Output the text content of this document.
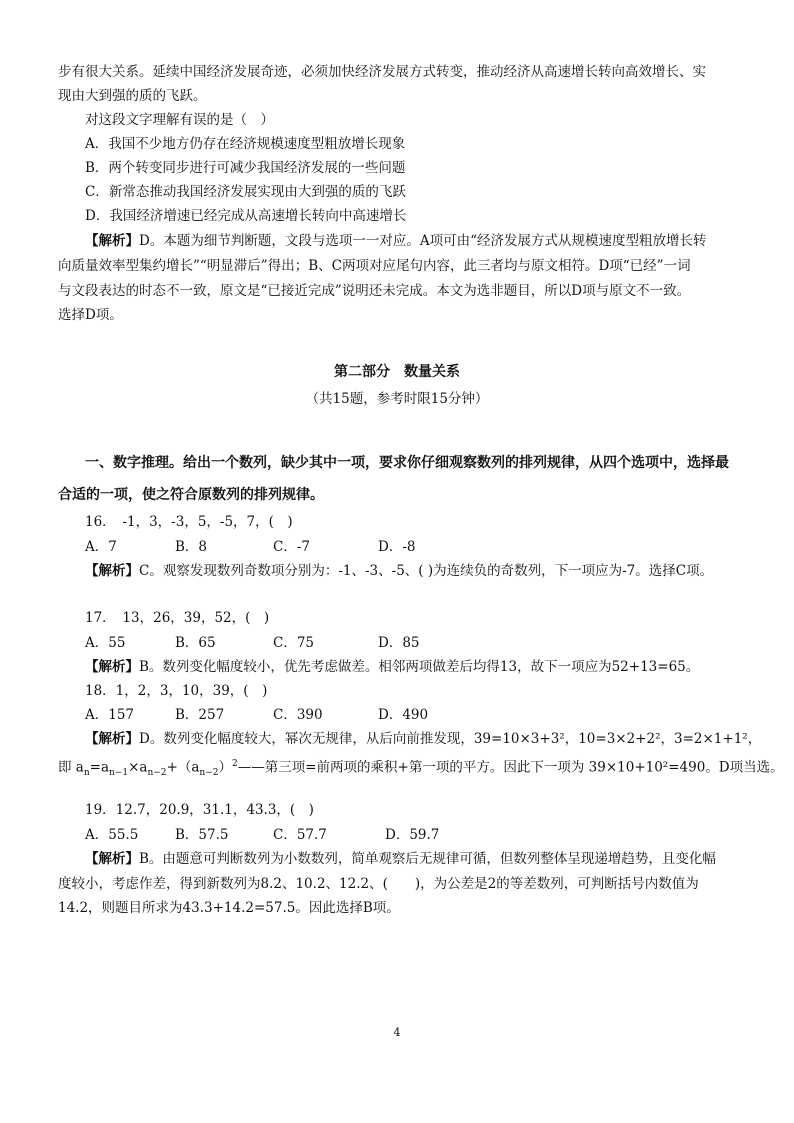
步有很大关系。延续中国经济发展奇迹，必须加快经济发展方式转变，推动经济从高速增长转向高效增长、实
现由大到强的质的飞跃。
对这段文字理解有误的是（　）
A．我国不少地方仍存在经济规模速度型粗放增长现象
B．两个转变同步进行可减少我国经济发展的一些问题
C．新常态推动我国经济发展实现由大到强的质的飞跃
D．我国经济增速已经完成从高速增长转向中高速增长
【解析】D。本题为细节判断题，文段与选项一一对应。A项可由“经济发展方式从规模速度型粗放增长转
向质量效率型集约增长”“明显滞后”得出；B、C两项对应尾句内容，此三者均与原文相符。D项“已经”一词
与文段表达的时态不一致，原文是“已接近完成”说明还未完成。本文为选非题目，所以D项与原文不一致。
选择D项。
第二部分　数量关系
（共15题，参考时限15分钟）
一、数字推理。给出一个数列，缺少其中一项，要求你仔细观察数列的排列规律，从四个选项中，选择最
合适的一项，使之符合原数列的排列规律。
16．　-1，3，-3，5，-5，7，(　)
A．7	B．8	C．-7	D．-8
【解析】C。观察发现数列奇数项分别为：-1、-3、-5、( )为连续负的奇数列，下一项应为-7。选择C项。
17．　13，26，39，52，(　)
A．55	B．65	C．75	D．85
【解析】B。数列变化幅度较小，优先考虑做差。相邻两项做差后均得13，故下一项应为52+13=65。
18．1，2，3，10，39，(　)
A．157	B．257	C．390	D．490
【解析】D。数列变化幅度较大，幂次无规律，从后向前推发现，39=10×3+3²，10=3×2+2²，3=2×1+1²，
即 $a_n=a_{n-1}\times a_{n-2}+(a_{n-2})^2——$第三项=前两项的乘积+第一项的平方。因此下一项为 39×10+10²=490。D项当选。
19．12.7，20.9，31.1，43.3，(　)
A．55.5	B．57.5	C．57.7	D．59.7
【解析】B。由题意可判断数列为小数数列，简单观察后无规律可循，但数列整体呈现递增趋势，且变化幅
度较小，考虑作差，得到新数列为8.2、10.2、12.2、(　　)，为公差是2的等差数列，可判断括号内数值为
14.2，则题目所求为43.3+14.2=57.5。因此选择B项。
4
